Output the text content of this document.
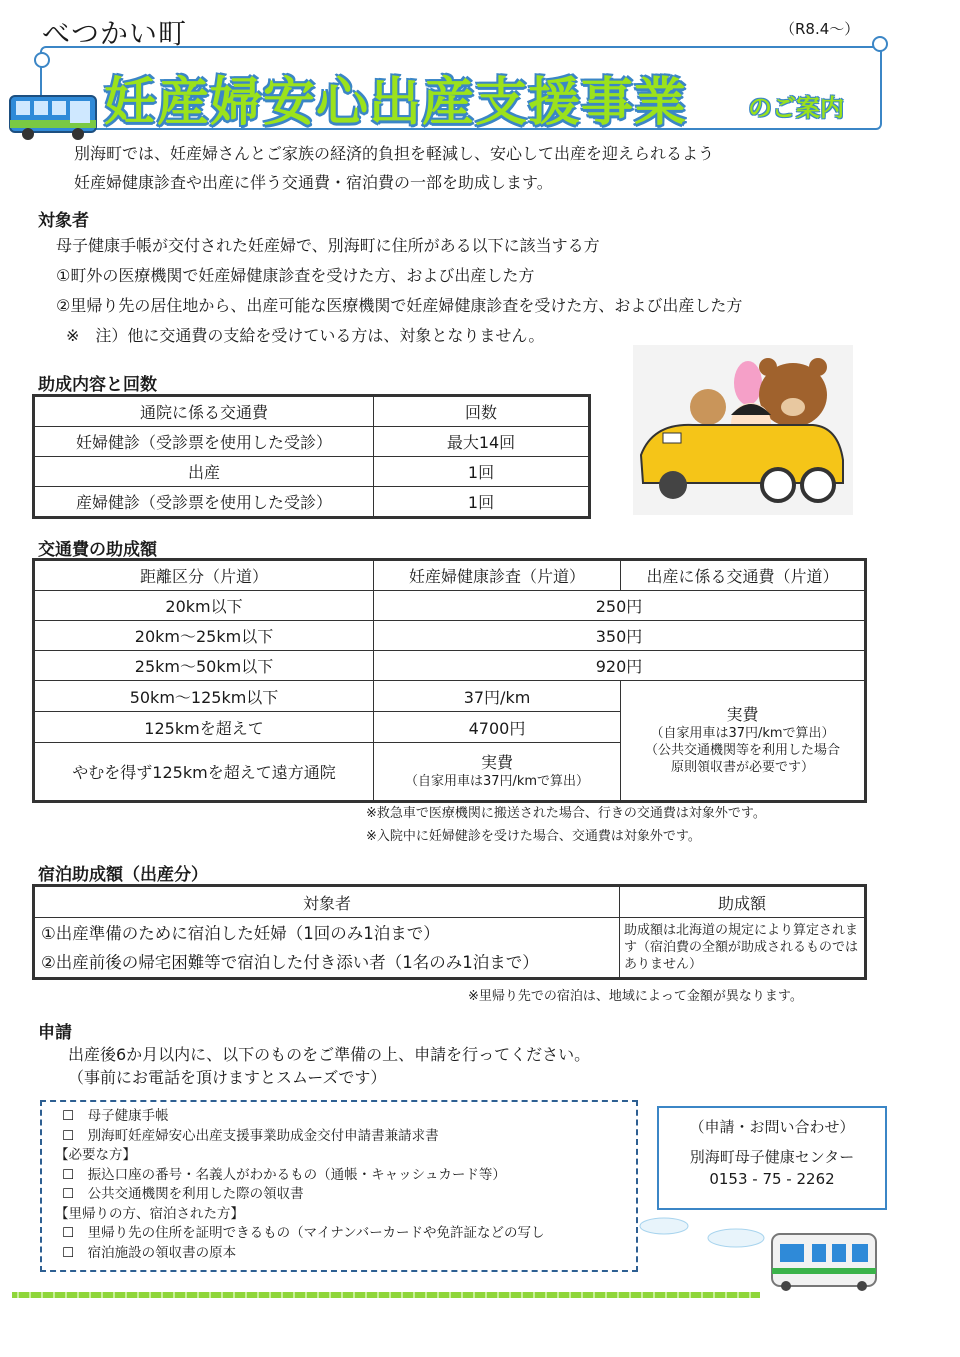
べつかい町	（R8.4～）
妊産婦安心出産支援事業	のご案内
別海町では、妊産婦さんとご家族の経済的負担を軽減し、安心して出産を迎えられるよう
妊産婦健康診査や出産に伴う交通費・宿泊費の一部を助成します。
対象者
母子健康手帳が交付された妊産婦で、別海町に住所がある以下に該当する方
①町外の医療機関で妊産婦健康診査を受けた方、および出産した方
②里帰り先の居住地から、出産可能な医療機関で妊産婦健康診査を受けた方、および出産した方
※　注）他に交通費の支給を受けている方は、対象となりません。
助成内容と回数
通院に係る交通費	回数
妊婦健診（受診票を使用した受診）	最大14回
出産	1回
産婦健診（受診票を使用した受診）	1回
交通費の助成額
距離区分（片道）	妊産婦健康診査（片道）	出産に係る交通費（片道）
20km以下	250円	
20km～25km以下	350円	
25km～50km以下	920円	
50km～125km以下	37円/km	実費
（自家用車は37円/kmで算出）
（公共交通機関等を利用した場合
原則領収書が必要です）

125kmを超えて	4700円	
やむを得ず125kmを超えて遠方通院	実費
（自家用車は37円/kmで算出）	
※救急車で医療機関に搬送された場合、行きの交通費は対象外です。
※入院中に妊婦健診を受けた場合、交通費は対象外です。
宿泊助成額（出産分）
対象者	助成額

①出産準備のために宿泊した妊婦（1回のみ1泊まで）
②出産前後の帰宅困難等で宿泊した付き添い者（1名のみ1泊まで）	助成額は北海道の規定により算定されます（宿泊費の全額が助成されるものではありません）
※里帰り先での宿泊は、地域によって金額が異なります。
申請
出産後6か月以内に、以下のものをご準備の上、申請を行ってください。
（事前にお電話を頂けますとスムーズです）
☐　母子健康手帳
☐　別海町妊産婦安心出産支援事業助成金交付申請書兼請求書
【必要な方】
☐　振込口座の番号・名義人がわかるもの（通帳・キャッシュカード等）
☐　公共交通機関を利用した際の領収書
【里帰りの方、宿泊された方】
☐　里帰り先の住所を証明できるもの（マイナンバーカードや免許証などの写し
☐　宿泊施設の領収書の原本
（申請・お問い合わせ）
別海町母子健康センター
0153 - 75 - 2262
